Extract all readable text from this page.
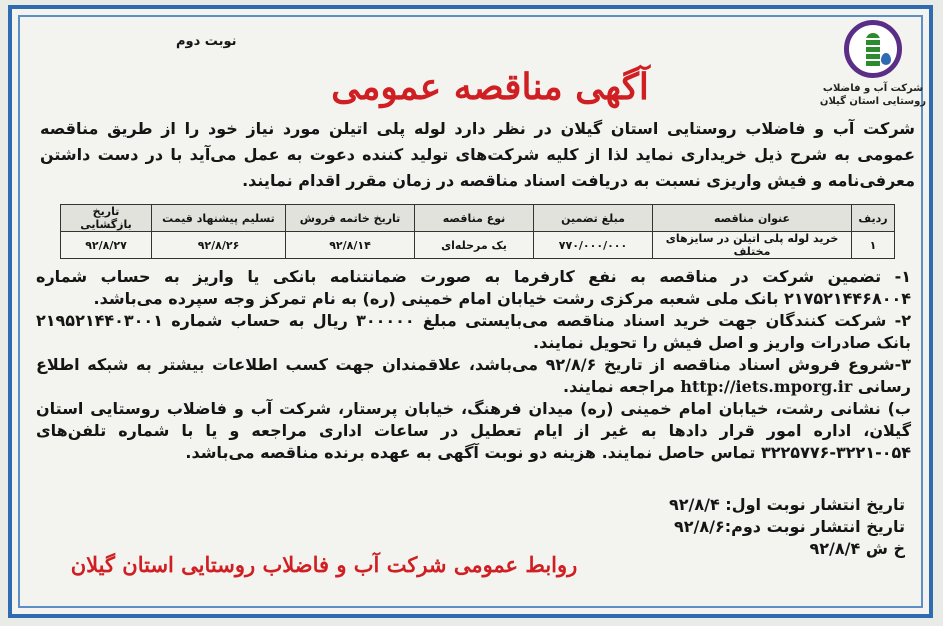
نوبت دوم
شرکت آب و فاضلاب
روستایی استان گیلان
آگهی مناقصه عمومی
شرکت آب و فاضلاب روستایی استان گیلان در نظر دارد لوله پلی اتیلن مورد نیاز خود را از طریق مناقصه عمومی به شرح ذیل خریداری نماید لذا از کلیه شرکت‌های تولید کننده دعوت به عمل می‌آید با در دست داشتن معرفی‌نامه و فیش واریزی نسبت به دریافت اسناد مناقصه در زمان مقرر اقدام نمایند.
ردیف	عنوان مناقصه	مبلغ تضمین	نوع مناقصه	تاریخ خاتمه فروش	تسلیم پیشنهاد قیمت	تاریخ بازگشایی
۱	خرید لوله پلی اتیلن در سایزهای مختلف	۷۷۰/۰۰۰/۰۰۰	یک مرحله‌ای	۹۲/۸/۱۴	۹۲/۸/۲۶	۹۲/۸/۲۷

۱- تضمین شرکت در مناقصه به نفع کارفرما به صورت ضمانتنامه بانکی یا واریز به حساب شماره ۲۱۷۵۲۱۴۴۶۸۰۰۴ بانک ملی شعبه مرکزی رشت خیابان امام خمینی (ره) به نام تمرکز وجه سپرده می‌باشد.

۲- شرکت کنندگان جهت خرید اسناد مناقصه می‌بایستی مبلغ ۳۰۰۰۰۰ ریال به حساب شماره ۲۱۹۵۲۱۴۴۰۳۰۰۱ بانک صادرات واریز و اصل فیش را تحویل نمایند.

۳-شروع فروش اسناد مناقصه از تاریخ ۹۲/۸/۶ می‌باشد، علاقمندان جهت کسب اطلاعات بیشتر به شبکه اطلاع رسانی http://iets.mporg.ir مراجعه نمایند.

ب) نشانی رشت، خیابان امام خمینی (ره) میدان فرهنگ، خیابان پرستار، شرکت آب و فاضلاب روستایی استان گیلان، اداره امور قرار دادها به غیر از ایام تعطیل در ساعات اداری مراجعه و یا با شماره تلفن‌های ۰۵۴-۳۲۲۱-۳۲۲۵۷۷۶ تماس حاصل نمایند. هزینه دو نوبت آگهی به عهده برنده مناقصه می‌باشد.

تاریخ انتشار نوبت اول: ۹۲/۸/۴

تاریخ انتشار نوبت دوم:۹۲/۸/۶

خ ش ۹۲/۸/۴

روابط عمومی شرکت آب و فاضلاب روستایی استان گیلان
